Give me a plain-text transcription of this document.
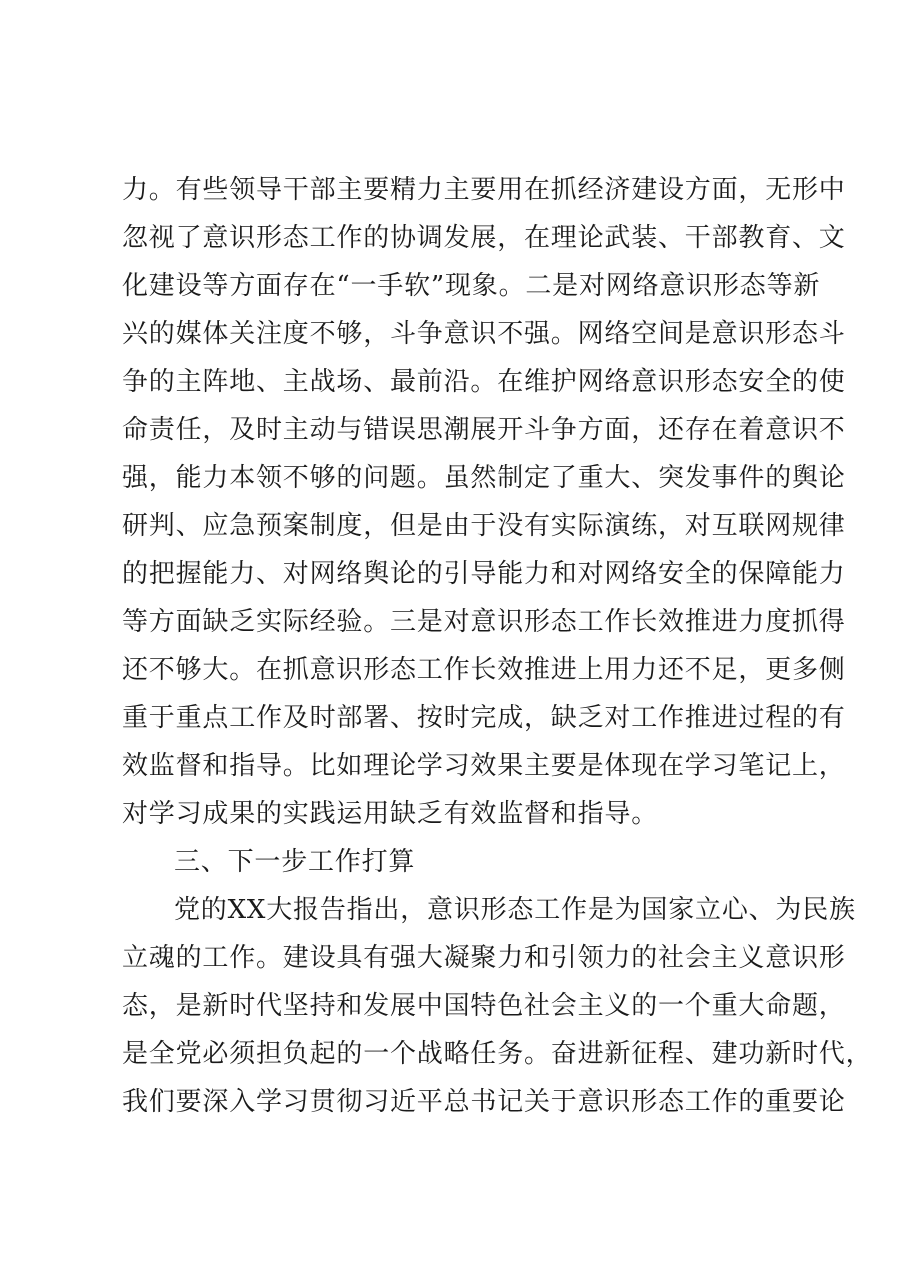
力。有些领导干部主要精力主要用在抓经济建设方面，无形中
忽视了意识形态工作的协调发展，在理论武装、干部教育、文
化建设等方面存在“一手软”现象。二是对网络意识形态等新
兴的媒体关注度不够，斗争意识不强。网络空间是意识形态斗
争的主阵地、主战场、最前沿。在维护网络意识形态安全的使
命责任，及时主动与错误思潮展开斗争方面，还存在着意识不
强，能力本领不够的问题。虽然制定了重大、突发事件的舆论
研判、应急预案制度，但是由于没有实际演练，对互联网规律
的把握能力、对网络舆论的引导能力和对网络安全的保障能力
等方面缺乏实际经验。三是对意识形态工作长效推进力度抓得
还不够大。在抓意识形态工作长效推进上用力还不足，更多侧
重于重点工作及时部署、按时完成，缺乏对工作推进过程的有
效监督和指导。比如理论学习效果主要是体现在学习笔记上，
对学习成果的实践运用缺乏有效监督和指导。
三、下一步工作打算
党的XX大报告指出，意识形态工作是为国家立心、为民族
立魂的工作。建设具有强大凝聚力和引领力的社会主义意识形
态，是新时代坚持和发展中国特色社会主义的一个重大命题，
是全党必须担负起的一个战略任务。奋进新征程、建功新时代，
我们要深入学习贯彻习近平总书记关于意识形态工作的重要论
